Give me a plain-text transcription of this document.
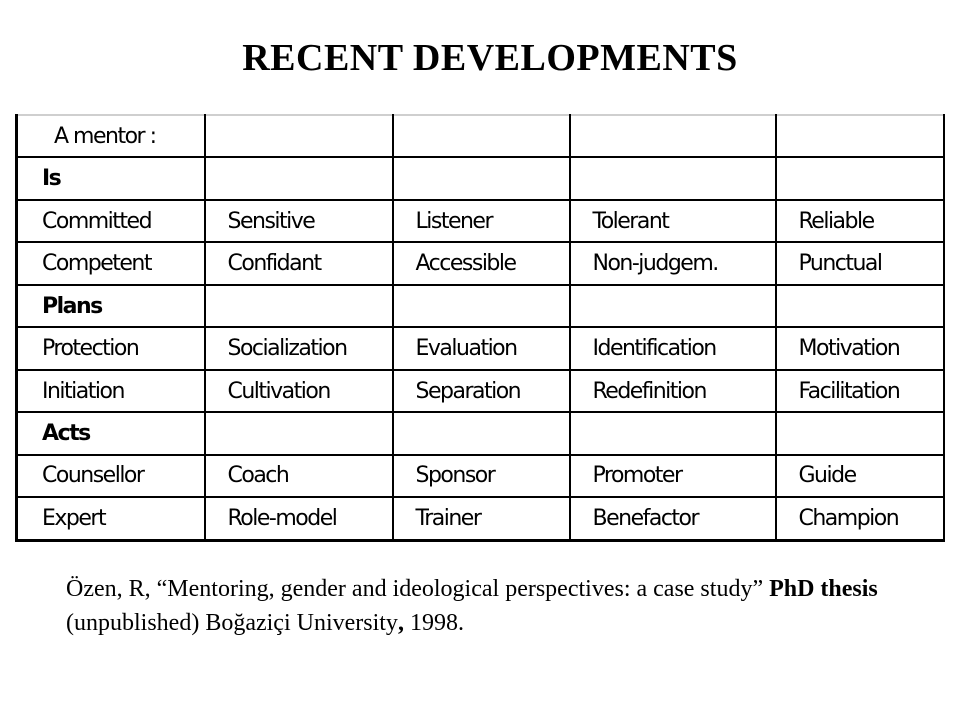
RECENT DEVELOPMENTS
A mentor :				
Is				
Committed	Sensitive	Listener	Tolerant	Reliable
Competent	Confidant	Accessible	Non-judgem.	Punctual
Plans				
Protection	Socialization	Evaluation	Identification	Motivation
Initiation	Cultivation	Separation	Redefinition	Facilitation
Acts				
Counsellor	Coach	Sponsor	Promoter	Guide
Expert	Role-model	Trainer	Benefactor	Champion
Özen, R, “Mentoring, gender and ideological perspectives: a case study” PhD thesis (unpublished) Boğaziçi University, 1998.
